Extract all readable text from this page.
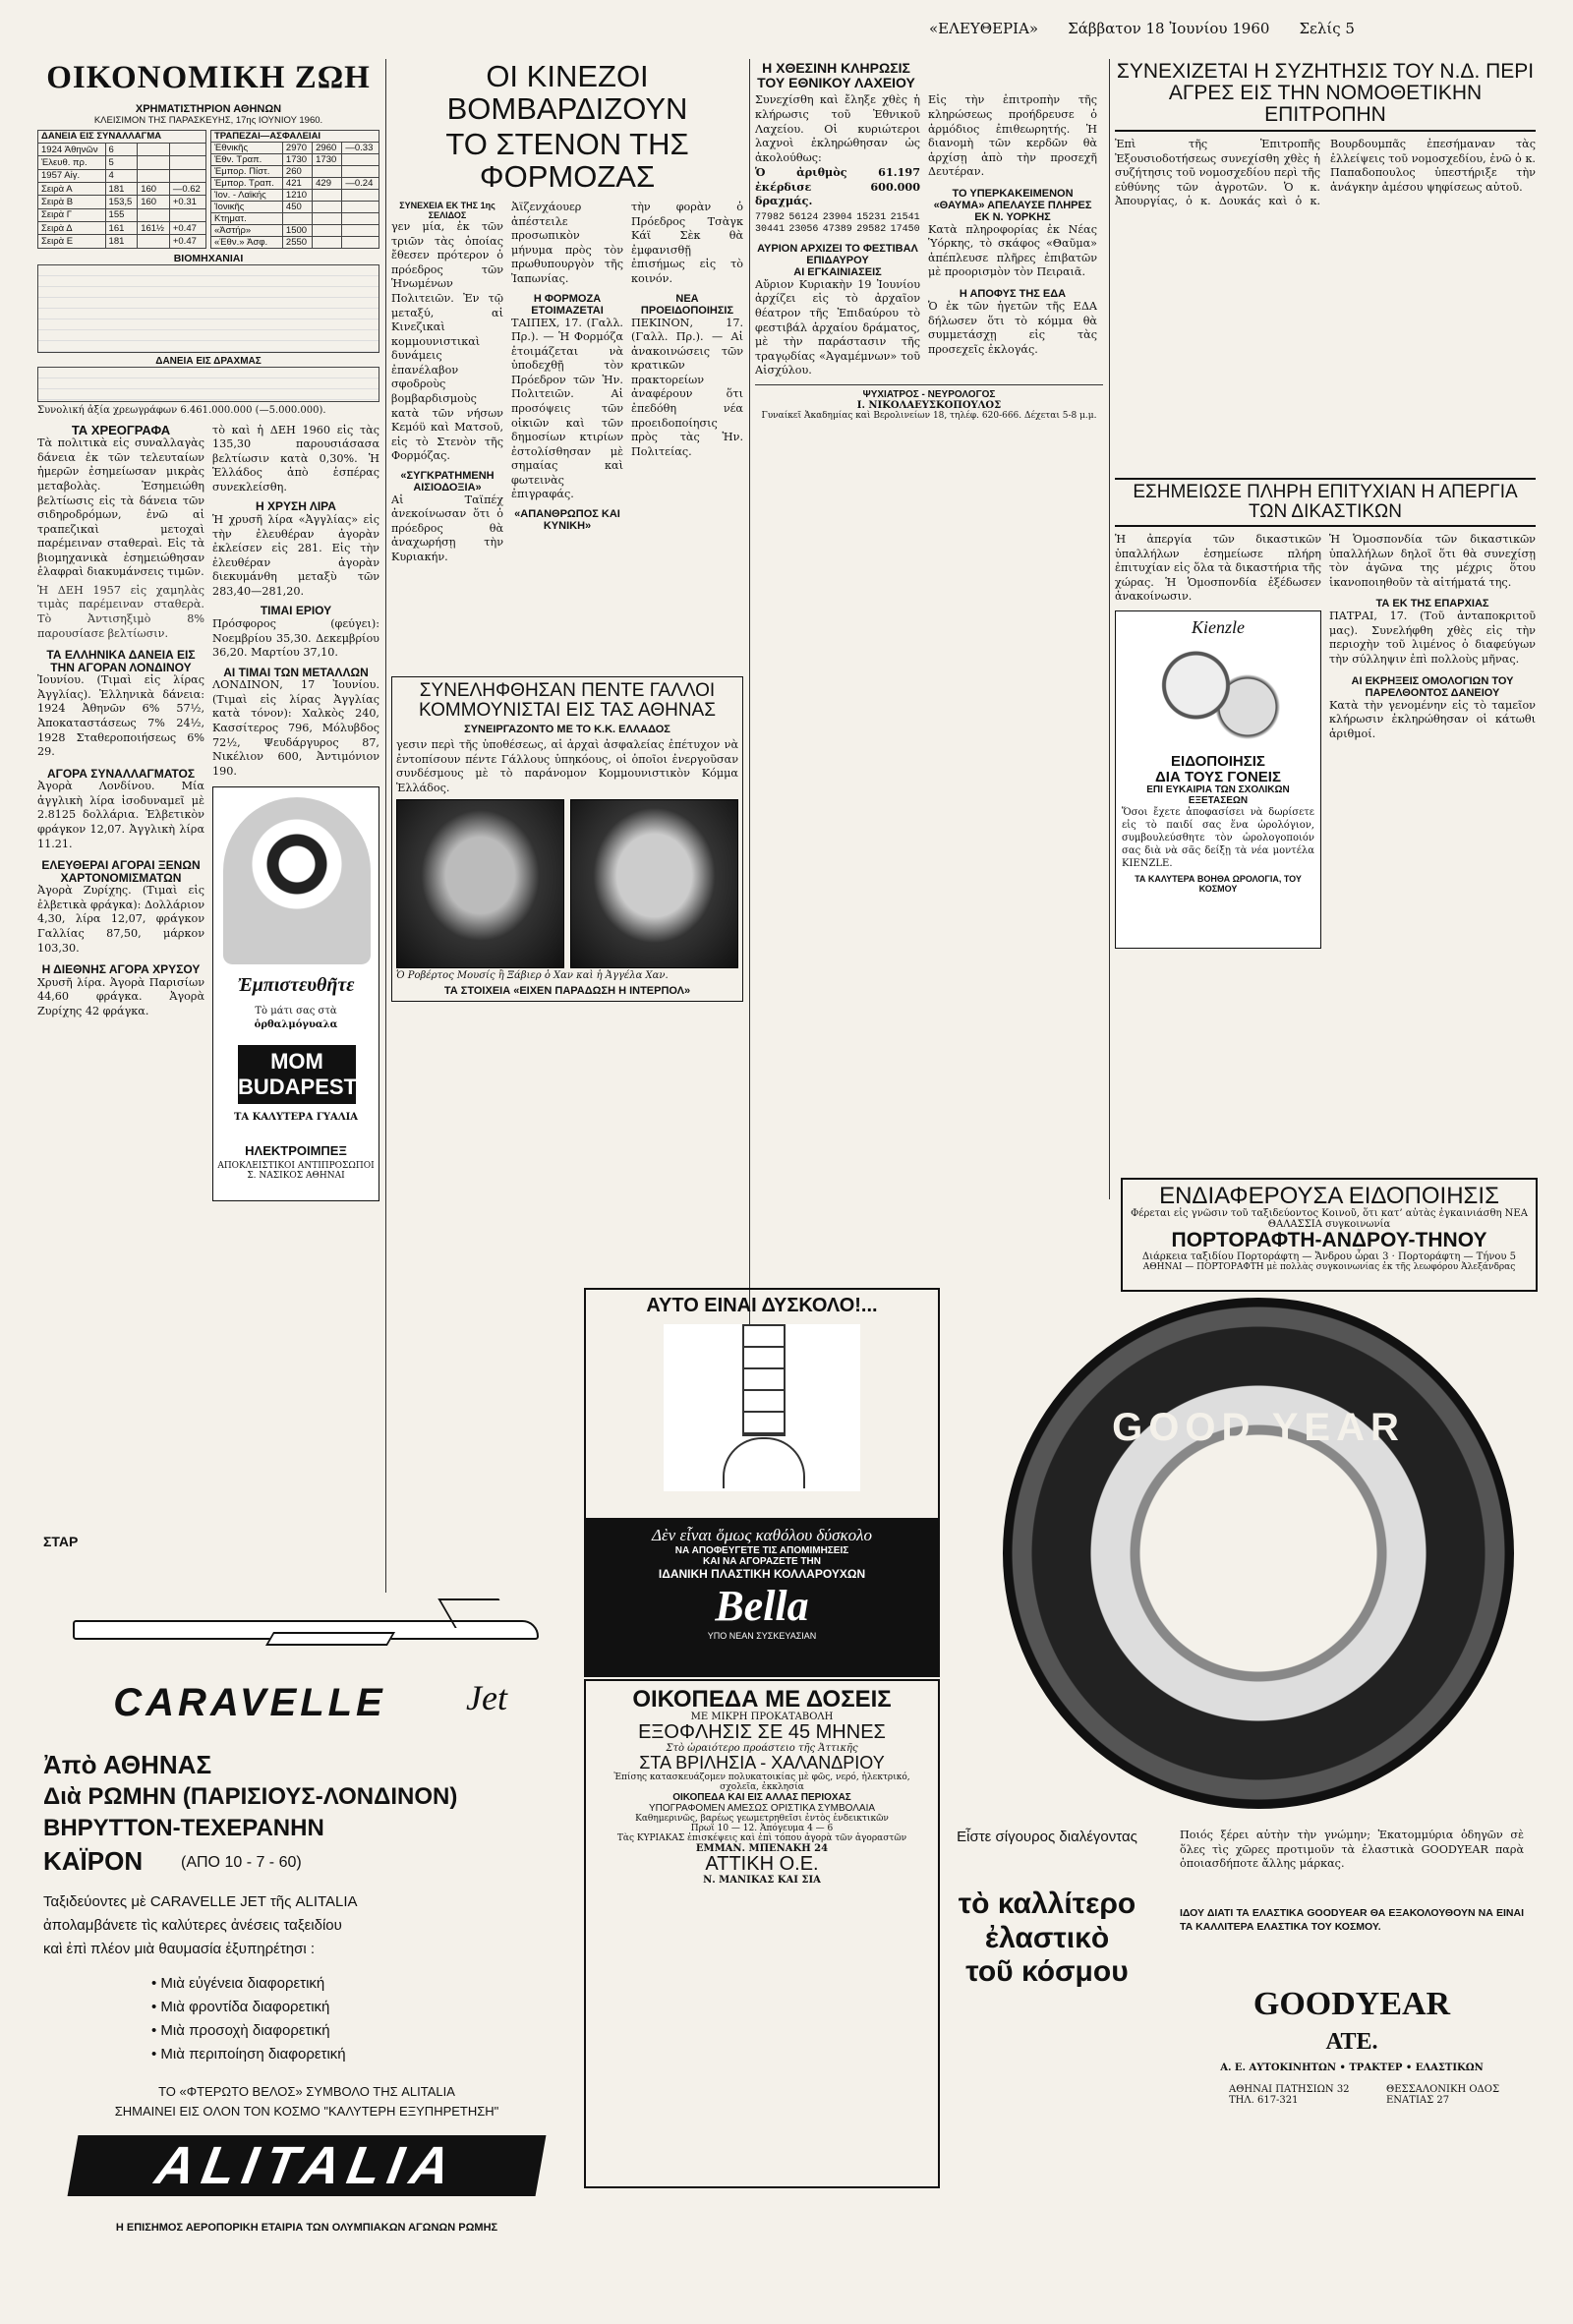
«ΕΛΕΥΘΕΡΙΑ» Σάββατον 18 Ἰουνίου 1960 Σελίς 5
ΟΙΚΟΝΟΜΙΚΗ ΖΩΗ
ΧΡΗΜΑΤΙΣΤΗΡΙΟΝ ΑΘΗΝΩΝ
ΚΛΕΙΣΙΜΟΝ ΤΗΣ ΠΑΡΑΣΚΕΥΗΣ, 17ης ΙΟΥΝΙΟΥ 1960.
ΔΑΝΕΙΑ ΕΙΣ ΣΥΝΑΛΛΑΓΜΑ			
1924 Ἀθηνῶν	6		
Ἐλευθ. πρ.	5		
1957 Αἰγ.	4		
Σειρὰ Α	181	160	—0.62
Σειρὰ Β	153,5	160	+0.31
Σειρὰ Γ	155		
Σειρὰ Δ	161	161½	+0.47
Σειρὰ Ε	181		+0.47
ΤΡΑΠΕΖΑΙ—ΑΣΦΑΛΕΙΑΙ			
Ἐθνικῆς	2970	2960	—0.33
Ἐθν. Τραπ.	1730	1730	
Ἐμπορ. Πίστ.	260		
Ἐμπορ. Τραπ.	421	429	—0.24
Ἰον. - Λαϊκής	1210		
Ἰονικῆς	450		
Κτηματ.			
«Ἀστήρ»	1500		
«Ἐθν.» Ἀσφ.	2550		
ΒΙΟΜΗΧΑΝΙΑΙ
ΔΑΝΕΙΑ ΕΙΣ ΔΡΑΧΜΑΣ
Συνολική ἀξία χρεωγράφων 6.461.000.000 (—5.000.000).
ΤΑ ΧΡΕΟΓΡΑΦΑ
Τὰ πολιτικὰ εἰς συναλλαγὰς δάνεια ἐκ τῶν τελευταίων ἡμερῶν ἐσημείωσαν μικρὰς μεταβολὰς. Ἐσημειώθη βελτίωσις εἰς τὰ δάνεια τῶν σιδηροδρόμων, ἐνῶ αἱ τραπεζικαὶ μετοχαὶ παρέμειναν σταθεραὶ. Εἰς τὰ βιομηχανικὰ ἐσημειώθησαν ἐλαφραὶ διακυμάνσεις τιμῶν.
Ἡ ΔΕΗ 1957 εἰς χαμηλὰς τιμὰς παρέμειναν σταθερὰ. Τὸ Ἀντισηξιμὸ 8% παρουσίασε βελτίωσιν.
ΤΑ ΕΛΛΗΝΙΚΑ ΔΑΝΕΙΑ ΕΙΣ ΤΗΝ ΑΓΟΡΑΝ ΛΟΝΔΙΝΟΥ
Ἰουνίου. (Τιμαὶ εἰς λίρας Ἀγγλίας). Ἑλληνικὰ δάνεια: 1924 Ἀθηνῶν 6% 57½, Ἀποκαταστάσεως 7% 24½, 1928 Σταθεροποιήσεως 6% 29.
ΑΓΟΡΑ ΣΥΝΑΛΛΑΓΜΑΤΟΣ
Ἀγορὰ Λονδίνου. Μία ἀγγλικὴ λίρα ἰσοδυναμεῖ μὲ 2.8125 δολλάρια. Ἑλβετικὸν φράγκον 12,07. Ἀγγλικὴ λίρα 11.21.
ΕΛΕΥΘΕΡΑΙ ΑΓΟΡΑΙ ΞΕΝΩΝ ΧΑΡΤΟΝΟΜΙΣΜΑΤΩΝ
Ἀγορὰ Ζυρίχης. (Τιμαὶ εἰς ἑλβετικὰ φράγκα): Δολλάριον 4,30, λίρα 12,07, φράγκον Γαλλίας 87,50, μάρκον 103,30.
Η ΔΙΕΘΝΗΣ ΑΓΟΡΑ ΧΡΥΣΟΥ
Χρυσῆ λίρα. Ἀγορὰ Παρισίων 44,60 φράγκα. Ἀγορὰ Ζυρίχης 42 φράγκα.
τὸ καὶ ἡ ΔΕΗ 1960 εἰς τὰς 135,30 παρουσιάσασα βελτίωσιν κατὰ 0,30%. Ἡ Ἑλλάδος ἀπὸ ἑσπέρας συνεκλείσθη.
Η ΧΡΥΣΗ ΛΙΡΑ
Ἡ χρυσῆ λίρα «Ἀγγλίας» εἰς τὴν ἐλευθέραν ἀγορὰν ἐκλείσεν εἰς 281. Εἰς τὴν ἐλευθέραν ἀγορὰν διεκυμάνθη μεταξὺ τῶν 283,40—281,20.
ΤΙΜΑΙ ΕΡΙΟΥ
Πρόσφορος (φεύγει): Νοεμβρίου 35,30. Δεκεμβρίου 36,20. Μαρτίου 37,10.
ΑΙ ΤΙΜΑΙ ΤΩΝ ΜΕΤΑΛΛΩΝ
ΛΟΝΔΙΝΟΝ, 17 Ἰουνίου. (Τιμαὶ εἰς λίρας Ἀγγλίας κατὰ τόνον): Χαλκὸς 240, Κασσίτερος 796, Μόλυβδος 72½, Ψευδάργυρος 87, Νικέλιον 600, Ἀντιμόνιον 190.
Ἐμπιστευθῆτε
Τὸ μάτι σας στὰ
ὁρθαλμόγυαλα
MOM BUDAPEST
ΤΑ ΚΑΛΥΤΕΡΑ ΓΥΑΛΙΑ
ΗΛΕΚΤΡΟΙΜΠΕΞ
ΑΠΟΚΛΕΙΣΤΙΚΟΙ ΑΝΤΙΠΡΟΣΩΠΟΙ Σ. ΝΑΣΙΚΟΣ ΑΘΗΝΑΙ
ΟΙ ΚΙΝΕΖΟΙ ΒΟΜΒΑΡΔΙΖΟΥΝ
ΤΟ ΣΤΕΝΟΝ ΤΗΣ ΦΟΡΜΟΖΑΣ
ΣΥΝΕΧΕΙΑ ΕΚ ΤΗΣ 1ης ΣΕΛΙΔΟΣ
γεν μία, ἐκ τῶν τριῶν τὰς ὁποίας ἔθεσεν πρότερον ὁ πρόεδρος τῶν Ἡνωμένων Πολιτειῶν. Ἐν τῷ μεταξύ, αἱ Κινεζικαὶ κομμουνιστικαὶ δυνάμεις ἐπανέλαβον σφοδροὺς βομβαρδισμοὺς κατὰ τῶν νήσων Κεμόϋ καὶ Ματσοῦ, εἰς τὸ Στενὸν τῆς Φορμόζας.
«ΣΥΓΚΡΑΤΗΜΕΝΗ ΑΙΣΙΟΔΟΞΙΑ»
Αἱ Ταϊπέχ ἀνεκοίνωσαν ὅτι ὁ πρόεδρος θὰ ἀναχωρήσῃ τὴν Κυριακήν.
Ἀϊζενχάουερ ἀπέστειλε προσωπικὸν μήνυμα πρὸς τὸν πρωθυπουργὸν τῆς Ἰαπωνίας.
Η ΦΟΡΜΟΖΑ ΕΤΟΙΜΑΖΕΤΑΙ
ΤΑΙΠΕΧ, 17. (Γαλλ. Πρ.). — Ἡ Φορμόζα ἑτοιμάζεται νὰ ὑποδεχθῇ τὸν Πρόεδρον τῶν Ἡν. Πολιτειῶν. Αἱ προσόψεις τῶν οἰκιῶν καὶ τῶν δημοσίων κτιρίων ἐστολίσθησαν μὲ σημαίας καὶ φωτεινὰς ἐπιγραφάς.
«ΑΠΑΝΘΡΩΠΟΣ ΚΑΙ ΚΥΝΙΚΗ»
τὴν φορὰν ὁ Πρόεδρος Τσὰγκ Κάϊ Σὲκ θὰ ἐμφανισθῇ ἐπισήμως εἰς τὸ κοινόν.
ΝΕΑ ΠΡΟΕΙΔΟΠΟΙΗΣΙΣ
ΠΕΚΙΝΟΝ, 17. (Γαλλ. Πρ.). — Αἱ ἀνακοινώσεις τῶν κρατικῶν πρακτορείων ἀναφέρουν ὅτι ἐπεδόθη νέα προειδοποίησις πρὸς τὰς Ἡν. Πολιτείας.
ΣΥΝΕΛΗΦΘΗΣΑΝ ΠΕΝΤΕ ΓΑΛΛΟΙ ΚΟΜΜΟΥΝΙΣΤΑΙ ΕΙΣ ΤΑΣ ΑΘΗΝΑΣ
ΣΥΝΕΙΡΓΑΖΟΝΤΟ ΜΕ ΤΟ Κ.Κ. ΕΛΛΑΔΟΣ
γεσιν περὶ τῆς ὑποθέσεως, αἱ ἀρχαὶ ἀσφαλείας ἐπέτυχον νὰ ἐντοπίσουν πέντε Γάλλους ὑπηκόους, οἱ ὁποῖοι ἐνεργοῦσαν συνδέσμους μὲ τὸ παράνομον Κομμουνιστικὸν Κόμμα Ἑλλάδος.
Ὁ Ροβέρτος Μουσίς ἢ Ξάβιερ ὁ Χαν καὶ ἡ Ἀγγέλα Χαν.
ΤΑ ΣΤΟΙΧΕΙΑ «ΕΙΧΕΝ ΠΑΡΑΔΩΣΗ Η ΙΝΤΕΡΠΟΛ»
Η ΧΘΕΣΙΝΗ ΚΛΗΡΩΣΙΣ ΤΟΥ ΕΘΝΙΚΟΥ ΛΑΧΕΙΟΥ
Συνεχίσθη καὶ ἔληξε χθὲς ἡ κλήρωσις τοῦ Ἐθνικοῦ Λαχείου. Οἱ κυριώτεροι λαχνοὶ ἐκληρώθησαν ὡς ἀκολούθως:
Ὁ ἀριθμὸς 61.197 ἐκέρδισε 600.000 δραχμάς.
77982 56124 23904 15231 21541
30441 23056 47389 29582 17450
ΑΥΡΙΟΝ ΑΡΧΙΖΕΙ ΤΟ ΦΕΣΤΙΒΑΛ ΕΠΙΔΑΥΡΟΥ
ΑΙ ΕΓΚΑΙΝΙΑΣΕΙΣ
Αὔριον Κυριακὴν 19 Ἰουνίου ἀρχίζει εἰς τὸ ἀρχαῖον θέατρον τῆς Ἐπιδαύρου τὸ φεστιβάλ ἀρχαίου δράματος, μὲ τὴν παράστασιν τῆς τραγῳδίας «Ἀγαμέμνων» τοῦ Αἰσχύλου.
Εἰς τὴν ἐπιτροπὴν τῆς κληρώσεως προήδρευσε ὁ ἀρμόδιος ἐπιθεωρητής. Ἡ διανομὴ τῶν κερδῶν θὰ ἀρχίσῃ ἀπὸ τὴν προσεχῆ Δευτέραν.
ΤΟ ΥΠΕΡΚΑΚΕΙΜΕΝΟΝ «ΘΑΥΜΑ» ΑΠΕΛΑΥΣΕ ΠΛΗΡΕΣ ΕΚ Ν. ΥΟΡΚΗΣ
Κατὰ πληροφορίας ἐκ Νέας Ὑόρκης, τὸ σκάφος «Θαῦμα» ἀπέπλευσε πλῆρες ἐπιβατῶν μὲ προορισμὸν τὸν Πειραιᾶ.
Η ΑΠΟΦΥΣ ΤΗΣ ΕΔΑ
Ὁ ἐκ τῶν ἡγετῶν τῆς ΕΔΑ δήλωσεν ὅτι τὸ κόμμα θὰ συμμετάσχῃ εἰς τὰς προσεχεῖς ἐκλογάς.
ΨΥΧΙΑΤΡΟΣ - ΝΕΥΡΟΛΟΓΟΣ
Ι. ΝΙΚΟΛΑΕΥΣΚΟΠΟΥΛΟΣ
Γυναίκεῖ Ἀκαδημίας καὶ Βερολινείων 18, τηλέφ. 620-666. Δέχεται 5-8 μ.μ.
ΣΥΝΕΧΙΖΕΤΑΙ Η ΣΥΖΗΤΗΣΙΣ ΤΟΥ Ν.Δ. ΠΕΡΙ ΑΓΡΕΣ ΕΙΣ ΤΗΝ ΝΟΜΟΘΕΤΙΚΗΝ ΕΠΙΤΡΟΠΗΝ
Ἐπὶ τῆς Ἐπιτροπῆς Ἐξουσιοδοτήσεως συνεχίσθη χθὲς ἡ συζήτησις τοῦ νομοσχεδίου περὶ τῆς εὐθύνης τῶν ἀγροτῶν. Ὁ κ. Ἀπουργίας, ὁ κ. Δουκάς καὶ ὁ κ. Βουρδουμπᾶς ἐπεσήμαναν τὰς ἐλλείψεις τοῦ νομοσχεδίου, ἐνῶ ὁ κ. Παπαδοπουλος ὑπεστήριξε τὴν ἀνάγκην ἀμέσου ψηφίσεως αὐτοῦ.
ΕΣΗΜΕΙΩΣΕ ΠΛΗΡΗ ΕΠΙΤΥΧΙΑΝ Η ΑΠΕΡΓΙΑ ΤΩΝ ΔΙΚΑΣΤΙΚΩΝ
Ἡ ἀπεργία τῶν δικαστικῶν ὑπαλλήλων ἐσημείωσε πλήρη ἐπιτυχίαν εἰς ὅλα τὰ δικαστήρια τῆς χώρας. Ἡ Ὁμοσπονδία ἐξέδωσεν ἀνακοίνωσιν.
Kienzle
ΕΙΔΟΠΟΙΗΣΙΣ
ΔΙΑ ΤΟΥΣ ΓΟΝΕΙΣ
ΕΠΙ ΕΥΚΑΙΡΙΑ ΤΩΝ ΣΧΟΛΙΚΩΝ ΕΞΕΤΑΣΕΩΝ
Ὅσοι ἔχετε ἀποφασίσει νὰ δωρίσετε εἰς τὸ παιδί σας ἕνα ὡρολόγιον, συμβουλεύσθητε τὸν ὡρολογοποιόν σας διὰ νὰ σᾶς δείξῃ τὰ νέα μοντέλα KIENZLE.
ΤΑ ΚΑΛΥΤΕΡΑ ΒΟΗΘΑ ΩΡΟΛΟΓΙΑ, ΤΟΥ ΚΟΣΜΟΥ
Ἡ Ὁμοσπονδία τῶν δικαστικῶν ὑπαλλήλων δηλοῖ ὅτι θὰ συνεχίσῃ τὸν ἀγῶνα της μέχρις ὅτου ἱκανοποιηθοῦν τὰ αἰτήματά της.
ΤΑ ΕΚ ΤΗΣ ΕΠΑΡΧΙΑΣ
ΠΑΤΡΑΙ, 17. (Τοῦ ἀνταποκριτοῦ μας). Συνελήφθη χθὲς εἰς τὴν περιοχὴν τοῦ λιμένος ὁ διαφεύγων τὴν σύλληψιν ἐπὶ πολλοὺς μῆνας.
ΑΙ ΕΚΡΗΞΕΙΣ ΟΜΟΛΟΓΙΩΝ ΤΟΥ ΠΑΡΕΛΘΟΝΤΟΣ ΔΑΝΕΙΟΥ
Κατὰ τὴν γενομένην εἰς τὸ ταμεῖον κλήρωσιν ἐκληρώθησαν οἱ κάτωθι ἀριθμοί.
ΕΝΔΙΑΦΕΡΟΥΣΑ ΕΙΔΟΠΟΙΗΣΙΣ
Φέρεται εἰς γνῶσιν τοῦ ταξιδεύοντος Κοινοῦ, ὅτι κατ’ αὐτὰς ἐγκαινιάσθη ΝΕΑ ΘΑΛΑΣΣΙΑ συγκοινωνία
ΠΟΡΤΟΡΑΦΤΗ-ΑΝΔΡΟΥ-ΤΗΝΟΥ
Διάρκεια ταξιδίου Πορτοράφτη — Ἄνδρου ὧραι 3 · Πορτοράφτη — Τήνου 5
ΑΘΗΝΑΙ — ΠΟΡΤΟΡΑΦΤΗ μὲ πολλὰς συγκοινωνίας ἐκ τῆς λεωφόρου Ἀλεξάνδρας
GOOD YEAR
Εἶστε σίγουρος διαλέγοντας
τὸ καλλίτερο
ἐλαστικὸ
τοῦ κόσμου
Ποιός ξέρει αὐτὴν τὴν γνώμην; Ἑκατομμύρια ὁδηγῶν σὲ ὅλες τὶς χῶρες προτιμοῦν τὰ ἐλαστικὰ GOODYEAR παρὰ ὁποιασδήποτε ἄλλης μάρκας.
ΙΔΟΥ ΔΙΑΤΙ ΤΑ ΕΛΑΣΤΙΚΑ GOODYEAR ΘΑ ΕΞΑΚΟΛΟΥΘΟΥΝ ΝΑ ΕΙΝΑΙ ΤΑ ΚΑΛΛΙΤΕΡΑ ΕΛΑΣΤΙΚΑ ΤΟΥ ΚΟΣΜΟΥ.
GOODYEAR
ΑΤΕ.
Α. Ε. ΑΥΤΟΚΙΝΗΤΩΝ • ΤΡΑΚΤΕΡ • ΕΛΑΣΤΙΚΩΝ
ΑΘΗΝΑΙ ΠΑΤΗΣΙΩΝ 32 ΤΗΛ. 617-321
ΘΕΣΣΑΛΟΝΙΚΗ ΟΔΟΣ ΕΝΑΤΙΑΣ 27
ΑΥΤΟ ΕΙΝΑΙ ΔΥΣΚΟΛΟ!...
Δὲν εἶναι ὅμως καθόλου δύσκολο
ΝΑ ΑΠΟΦΕΥΓΕΤΕ ΤΙΣ ΑΠΟΜΙΜΗΣΕΙΣ
ΚΑΙ ΝΑ ΑΓΟΡΑΖΕΤΕ ΤΗΝ
ΙΔΑΝΙΚΗ ΠΛΑΣΤΙΚΗ ΚΟΛΛΑΡΟΥΧΩΝ
Bella
ΥΠΟ ΝΕΑΝ ΣΥΣΚΕΥΑΣΙΑΝ
ΟΙΚΟΠΕΔΑ ΜΕ ΔΟΣΕΙΣ
ΜΕ ΜΙΚΡΗ ΠΡΟΚΑΤΑΒΟΛΗ
ΕΞΟΦΛΗΣΙΣ ΣΕ 45 ΜΗΝΕΣ
Στὸ ὡραιότερο προάστειο τῆς Ἀττικῆς
ΣΤΑ ΒΡΙΛΗΣΙΑ - ΧΑΛΑΝΔΡΙΟΥ
Ἐπίσης κατασκευάζομεν πολυκατοικίας μὲ φῶς, νερό, ἠλεκτρικό, σχολεῖα, ἐκκλησία
ΟΙΚΟΠΕΔΑ ΚΑΙ ΕΙΣ ΑΛΛΑΣ ΠΕΡΙΟΧΑΣ
ΥΠΟΓΡΑΦΟΜΕΝ ΑΜΕΣΩΣ ΟΡΙΣΤΙΚΑ ΣΥΜΒΟΛΑΙΑ
Καθημερινῶς, βαρέως γεωμετρηθεῖσι ἐντὸς ἑνδεικτικῶν
Πρωΐ 10 — 12. Ἀπόγευμα 4 — 6
Τὰς ΚΥΡΙΑΚΑΣ ἐπισκέψεις καὶ ἐπὶ τόπου ἀγορὰ τῶν ἀγοραστῶν
ΕΜΜΑΝ. ΜΠΕΝΑΚΗ 24
ΑΤΤΙΚΗ Ο.Ε.
Ν. ΜΑΝΙΚΑΣ ΚΑΙ ΣΙΑ
ΣΤΑΡ
CARAVELLE	Jet
Ἀπὸ ΑΘΗΝΑΣ
Διὰ ΡΩΜΗΝ (ΠΑΡΙΣΙΟΥΣ-ΛΟΝΔΙΝΟΝ)
ΒΗΡΥΤΤΟΝ-ΤΕΧΕΡΑΝΗΝ
ΚΑΪΡΟΝ (ΑΠΟ 10 - 7 - 60)
Ταξιδεύοντες μὲ CARAVELLE JET τῆς ALITALIA
ἀπολαμβάνετε τὶς καλύτερες ἀνέσεις ταξειδίου
καὶ ἐπὶ πλέον μιὰ θαυμασία ἐξυπηρέτησι :
• Μιὰ εὐγένεια διαφορετική
• Μιὰ φροντίδα διαφορετική
• Μιὰ προσοχὴ διαφορετική
• Μιὰ περιποίηση διαφορετική
ΤΟ «ΦΤΕΡΩΤΟ ΒΕΛΟΣ» ΣΥΜΒΟΛΟ ΤΗΣ ALITALIA
ΣΗΜΑΙΝΕΙ ΕΙΣ ΟΛΟΝ ΤΟΝ ΚΟΣΜΟ "ΚΑΛΥΤΕΡΗ ΕΞΥΠΗΡΕΤΗΣΗ"
ALITALIA
Η ΕΠΙΣΗΜΟΣ ΑΕΡΟΠΟΡΙΚΗ ΕΤΑΙΡΙΑ ΤΩΝ ΟΛΥΜΠΙΑΚΩΝ ΑΓΩΝΩΝ ΡΩΜΗΣ
